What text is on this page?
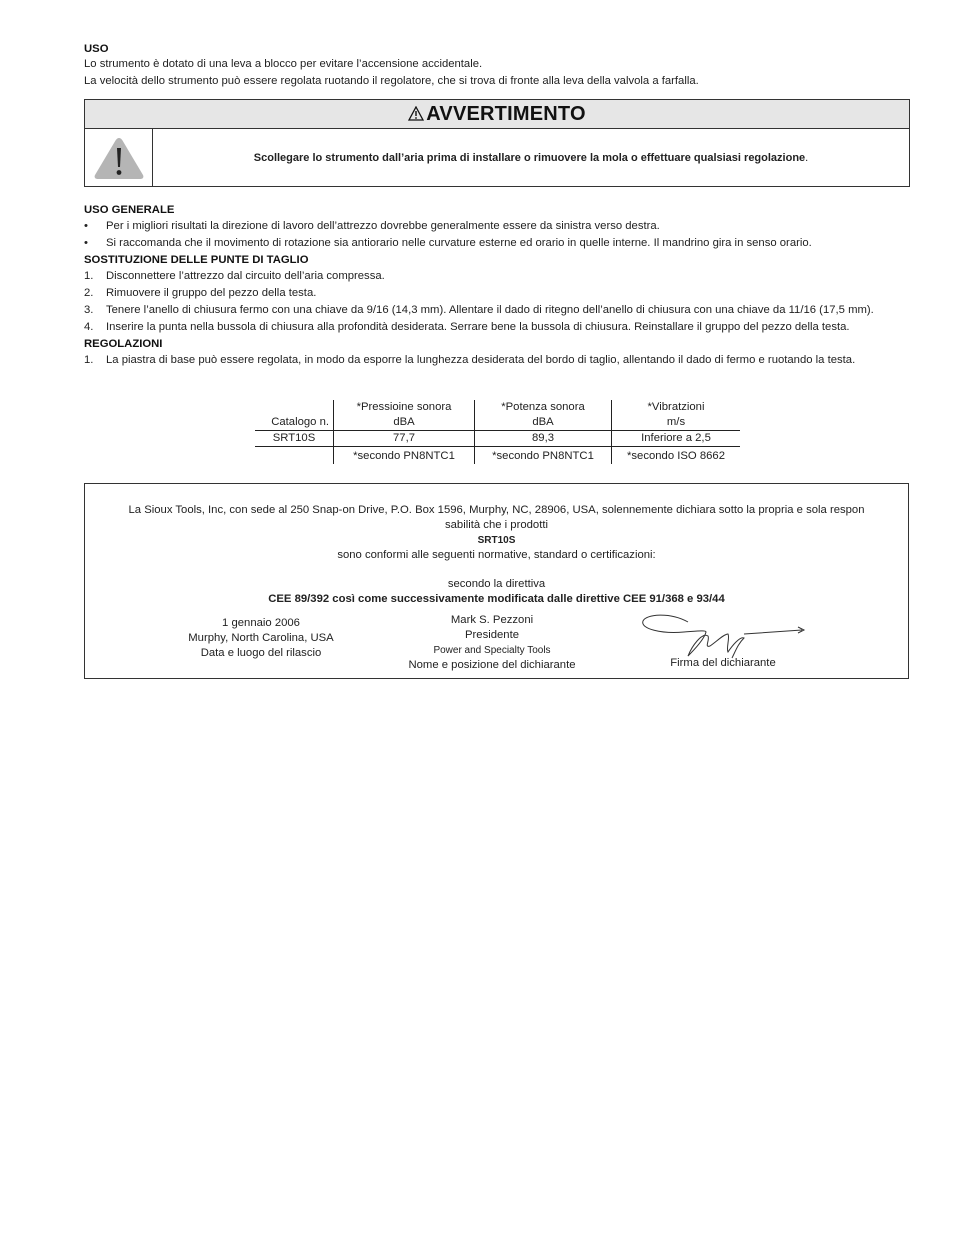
USO
Lo strumento è dotato di una leva a blocco per evitare l’accensione accidentale.
La velocità dello strumento può essere regolata ruotando il regolatore, che si trova di fronte alla leva della valvola a farfalla.
AVVERTIMENTO
Scollegare lo strumento dall’aria prima di installare o rimuovere la mola o effettuare qualsiasi regolazione .
USO GENERALE
•	Per i migliori risultati la direzione di lavoro dell’attrezzo dovrebbe generalmente essere da sinistra verso destra.
•	Si raccomanda che il movimento di rotazione sia antiorario nelle curvature esterne ed orario in quelle interne. Il mandrino gira in senso orario.
SOSTITUZIONE DELLE PUNTE DI TAGLIO
1.	Disconnettere l’attrezzo dal circuito dell’aria compressa.
2.	Rimuovere il gruppo del pezzo della testa.
3.	Tenere l’anello di chiusura fermo con una chiave da 9/16 (14,3 mm). Allentare il dado di ritegno dell’anello di chiusura con una chiave da 11/16 (17,5 mm).
4.	Inserire la punta nella bussola di chiusura alla profondità desiderata. Serrare bene la bussola di chiusura. Reinstallare il gruppo del pezzo della testa.
REGOLAZIONI
1.	La piastra di base può essere regolata, in modo da esporre la lunghezza desiderata del bordo di taglio, allentando il dado di fermo e ruotando la testa.
	*Pressioine sonora	*Potenza sonora	*Vibratzioni
Catalogo n.	dBA	dBA	m/s
SRT10S	77,7	89,3	Inferiore a 2,5
	*secondo PN8NTC1	*secondo PN8NTC1	*secondo ISO 8662
La Sioux Tools, Inc, con sede al 250 Snap-on Drive, P.O. Box 1596, Murphy, NC, 28906, USA, solennemente dichiara sotto la propria e sola respon
sabilità che i prodotti
SRT10S
sono conformi alle seguenti normative, standard o certificazioni:
secondo la direttiva
CEE 89/392 così come successivamente modificata dalle direttive CEE 91/368 e 93/44
1 gennaio 2006
Murphy, North Carolina, USA
Data e luogo del rilascio
Mark S. Pezzoni
Presidente
Power and Specialty Tools
Nome e posizione del dichiarante	Firma del dichiarante
